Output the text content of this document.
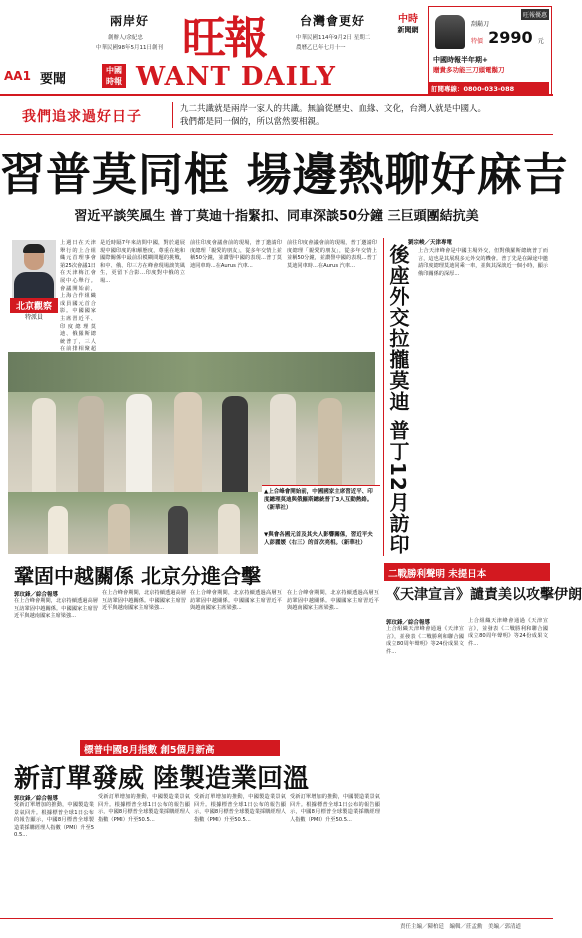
兩岸好	台灣會更好
創辦人/余紀忠
中華民國98年5月11日創刊 旺報	中華民國114年9月2日 星期二
農曆乙巳年七月十一
中時
新聞網
AA1 要聞
中國時報 WANT DAILY
旺報優惠
刮鬍刀
特價 2990 元
中國時報半年期+
贈貴多功能三刀頭電鬍刀
訂閱專線：0800-033-088
我們追求過好日子	九二共識就是兩岸一家人的共識。無論從歷史、血緣、文化，台灣人就是中國人。
我們都是同一個的，所以當然要相親。
習普莫同框 場邊熱聊好麻吉
習近平談笑風生 普丁莫迪十指緊扣、同車深談50分鐘 三巨頭團結抗美
北京觀察
特派員
上週日在天津舉行的上合組織元首理事會第25次會議1日在天津梅江會展中心舉行。會議開始前，上海合作組織成員國元首合影。中國國家主席習近平、印度總理莫迪、俄羅斯總統普丁，三人在前排相聚超
是近時隔7年來訪問中國，對於還展現中國印度的和解態度，尊重在地和國際關係中最前沿模糊問題的挑戰，和中、俄、印三方在峰會現場談笑風生，更留下合影...印度對中俄的立場...
前往印度會議會前的現場，普丁邀請印度總理「親愛的朋友」，從多年交情上並稱50分鐘，並讚譽中國的表現...普丁莫迪同車時...在Aurus 汽車...
前往印度會議會前的現場，普丁邀請印度總理「親愛的朋友」，從多年交情上並稱50分鐘，並讚譽中國的表現...普丁莫迪同車時...在Aurus 汽車...
▲上合峰會開始前，中國國家主席習近平、印度總理莫迪與俄羅斯總統普丁3人互動熱絡。（新華社）
▼與會各國元首及其夫人影響關係，習近平夫人彭麗媛（右三）的首次亮相。（新華社）
劉宗峻／天津專電
後座外交拉攏莫迪 普丁12月訪印 上合天津峰會是中國主場外交，但對俄羅斯總統普丁而言，這也是其展現多元外交的機會。普丁先是在歸途中邀請印度總理莫迪同乘一車，並與其深談近一個小時，顯示俄印關係的深厚...
鞏固中越關係 北京分進合擊
郭玟鋒／綜合報導
在上合峰會期間，北京持續透過高層互訪鞏固中越關係。中國國家主席習近平與越南國家主席梁強...
在上合峰會期間，北京持續透過高層互訪鞏固中越關係。中國國家主席習近平與越南國家主席梁強...
在上合峰會期間，北京持續透過高層互訪鞏固中越關係。中國國家主席習近平與越南國家主席梁強...
在上合峰會期間，北京持續透過高層互訪鞏固中越關係。中國國家主席習近平與越南國家主席梁強...
二戰勝利聲明 未提日本
《天津宣言》譴責美以攻擊伊朗
郭玟鋒／綜合報導
上合組織天津峰會通過《天津宣言》，並發表《二戰勝利和聯合國成立80周年聲明》等24份成果文件...
上合組織天津峰會通過《天津宣言》，並發表《二戰勝利和聯合國成立80周年聲明》等24份成果文件...
標普中國8月指數 創5個月新高
新訂單發威 陸製造業回溫
郭玟鋒／綜合報導
受新訂單增加的推動，中國製造業景氣回升。根據標普全球1日公布的報告顯示，中國8月標普全球製造業採購經理人指數（PMI）升至50.5...
受新訂單增加的推動，中國製造業景氣回升。根據標普全球1日公布的報告顯示，中國8月標普全球製造業採購經理人指數（PMI）升至50.5...
受新訂單增加的推動，中國製造業景氣回升。根據標普全球1日公布的報告顯示，中國8月標普全球製造業採購經理人指數（PMI）升至50.5...
受新訂單增加的推動，中國製造業景氣回升。根據標普全球1日公布的報告顯示，中國8月標普全球製造業採購經理人指數（PMI）升至50.5...
責任主編／陳柏廷　編輯／莊孟勳　美編／郭清道
